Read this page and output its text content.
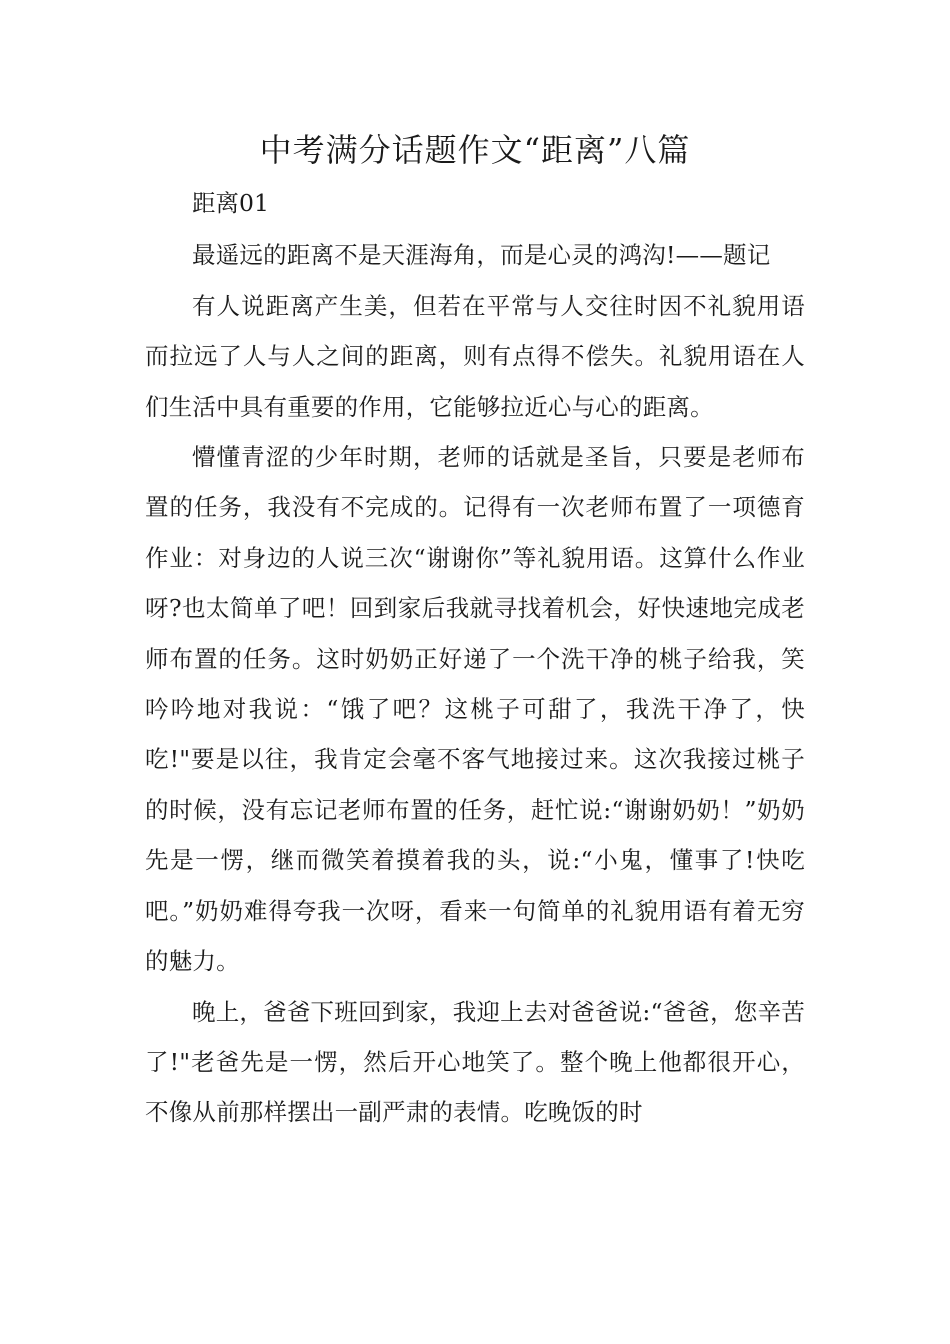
中考满分话题作文“距离”八篇

距离01

最遥远的距离不是天涯海角，而是心灵的鸿沟!——题记

有人说距离产生美，但若在平常与人交往时因不礼貌用语而拉远了人与人之间的距离，则有点得不偿失。礼貌用语在人们生活中具有重要的作用，它能够拉近心与心的距离。

懵懂青涩的少年时期，老师的话就是圣旨，只要是老师布置的任务，我没有不完成的。记得有一次老师布置了一项德育作业：对身边的人说三次“谢谢你”等礼貌用语。这算什么作业呀?也太简单了吧！回到家后我就寻找着机会，好快速地完成老师布置的任务。这时奶奶正好递了一个洗干净的桃子给我，笑吟吟地对我说：“饿了吧？这桃子可甜了，我洗干净了，快吃!"要是以往，我肯定会毫不客气地接过来。这次我接过桃子的时候，没有忘记老师布置的任务，赶忙说:“谢谢奶奶！”奶奶先是一愣，继而微笑着摸着我的头，说:“小鬼，懂事了!快吃吧。”奶奶难得夸我一次呀，看来一句简单的礼貌用语有着无穷的魅力。

晚上，爸爸下班回到家，我迎上去对爸爸说:“爸爸，您辛苦了!"老爸先是一愣，然后开心地笑了。整个晚上他都很开心，不像从前那样摆出一副严肃的表情。吃晚饭的时
